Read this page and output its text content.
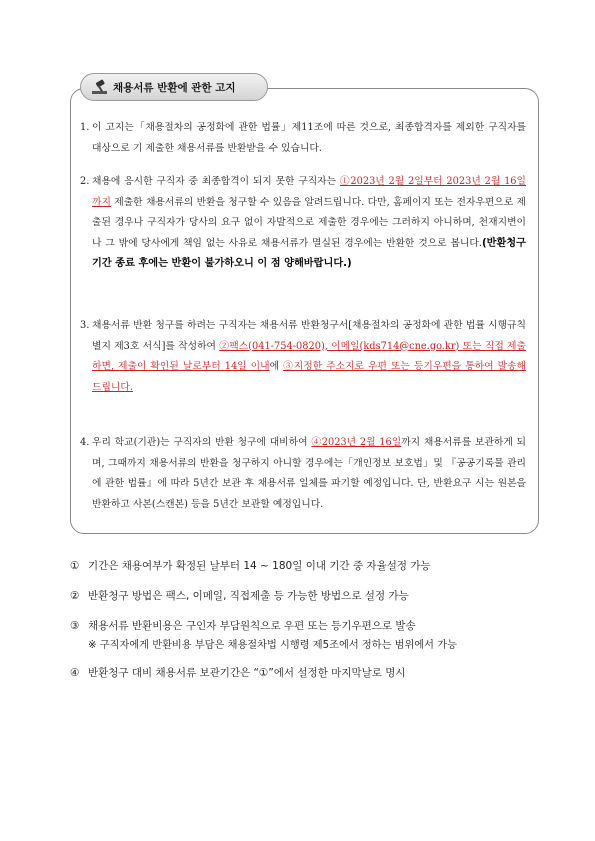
채용서류 반환에 관한 고지
1. 이 고지는「채용절차의 공정화에 관한 법률」제11조에 따른 것으로, 최종합격자를 제외한 구직자를 대상으로 기 제출한 채용서류를 반환받을 수 있습니다.
2. 채용에 응시한 구직자 중 최종합격이 되지 못한 구직자는 ①2023년 2월 2일부터 2023년 2월 16일까지 제출한 채용서류의 반환을 청구할 수 있음을 알려드립니다. 다만, 홈페이지 또는 전자우편으로 제출된 경우나 구직자가 당사의 요구 없이 자발적으로 제출한 경우에는 그러하지 아니하며, 천재지변이나 그 밖에 당사에게 책임 없는 사유로 채용서류가 멸실된 경우에는 반환한 것으로 봅니다.(반환청구기간 종료 후에는 반환이 불가하오니 이 점 양해바랍니다.)
3. 채용서류 반환 청구를 하려는 구직자는 채용서류 반환청구서[채용절차의 공정화에 관한 법률 시행규칙 별지 제3호 서식]를 작성하여 ②팩스(041-754-0820), 이메일(kds714@cne.go.kr) 또는 직접 제출하면, 제출이 확인된 날로부터 14일 이내에 ③지정한 주소지로 우편 또는 등기우편을 통하여 발송해 드립니다.
4. 우리 학교(기관)는 구직자의 반환 청구에 대비하여 ④2023년 2월 16일까지 채용서류를 보관하게 되며, 그때까지 채용서류의 반환을 청구하지 아니할 경우에는「개인정보 보호법」및 『공공기록물 관리에 관한 법률』에 따라 5년간 보관 후 채용서류 일체를 파기할 예정입니다. 단, 반환요구 시는 원본을 반환하고 사본(스캔본) 등을 5년간 보관할 예정입니다.
① 기간은 채용여부가 확정된 날부터 14 ~ 180일 이내 기간 중 자율설정 가능
② 반환청구 방법은 팩스, 이메일, 직접제출 등 가능한 방법으로 설정 가능
③ 채용서류 반환비용은 구인자 부담원칙으로 우편 또는 등기우편으로 발송
※ 구직자에게 반환비용 부담은 채용절차법 시행령 제5조에서 정하는 범위에서 가능
④ 반환청구 대비 채용서류 보관기간은 “①”에서 설정한 마지막날로 명시
